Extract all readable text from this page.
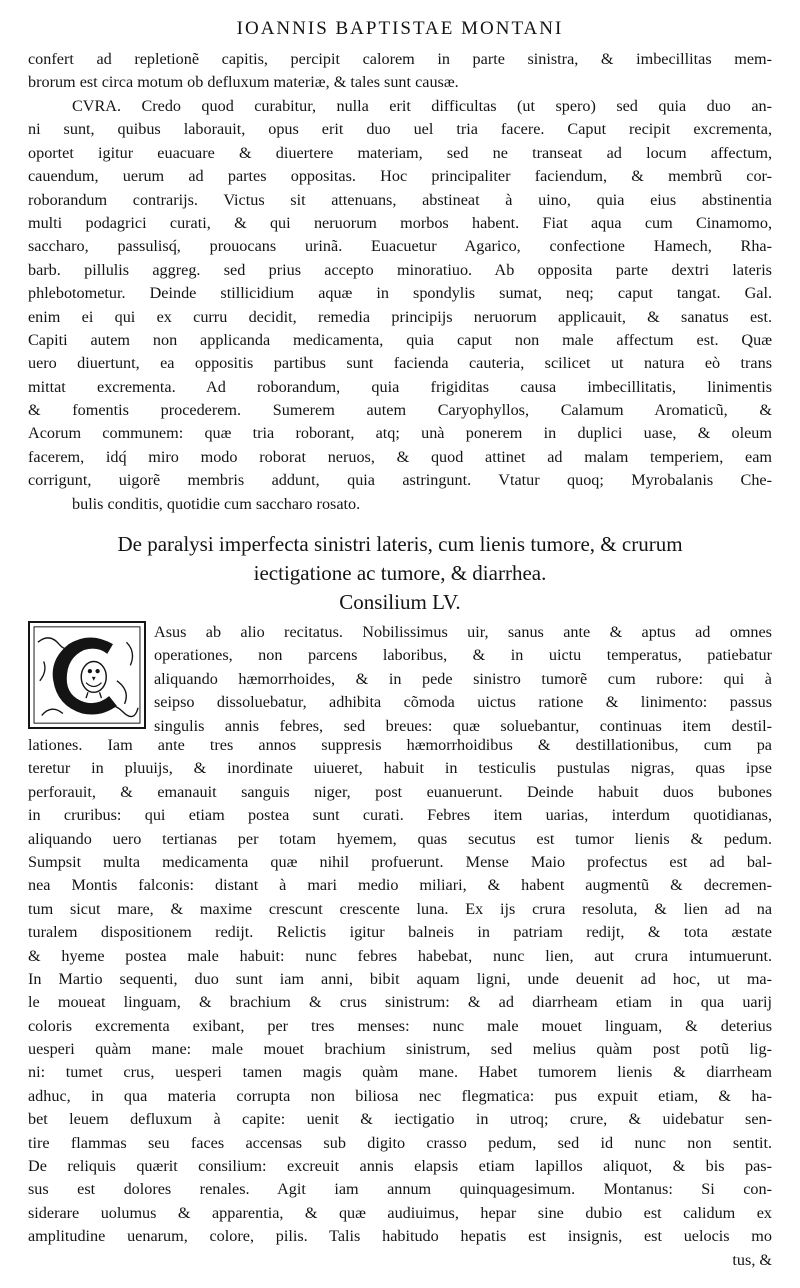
IOANNIS BAPTISTAE MONTANI
confert ad repletionẽ capitis, percipit calorem in parte sinistra, & imbecillitas mem-
brorum est circa motum ob defluxum materiæ, & tales sunt causæ.
CVRA. Credo quod curabitur, nulla erit difficultas (ut spero) sed quia duo an-
ni sunt, quibus laborauit, opus erit duo uel tria facere. Caput recipit excrementa,
oportet igitur euacuare & diuertere materiam, sed ne transeat ad locum affectum,
cauendum, uerum ad partes oppositas. Hoc principaliter faciendum, & membrũ cor-
roborandum contrarijs. Victus sit attenuans, abstineat à uino, quia eius abstinentia
multi podagrici curati, & qui neruorum morbos habent. Fiat aqua cum Cinamomo,
saccharo, passulisq́, prouocans urinã. Euacuetur Agarico, confectione Hamech, Rha-
barb. pillulis aggreg. sed prius accepto minoratiuo. Ab opposita parte dextri lateris
phlebotometur. Deinde stillicidium aquæ in spondylis sumat, neq; caput tangat. Gal.
enim ei qui ex curru decidit, remedia principijs neruorum applicauit, & sanatus est.
Capiti autem non applicanda medicamenta, quia caput non male affectum est. Quæ
uero diuertunt, ea oppositis partibus sunt facienda cauteria, scilicet ut natura eò trans
mittat excrementa. Ad roborandum, quia frigiditas causa imbecillitatis, linimentis
& fomentis procederem. Sumerem autem Caryophyllos, Calamum Aromaticũ, &
Acorum communem: quæ tria roborant, atq; unà ponerem in duplici uase, & oleum
facerem, idq́ miro modo roborat neruos, & quod attinet ad malam temperiem, eam
corrigunt, uigorẽ membris addunt, quia astringunt. Vtatur quoq; Myrobalanis Che-
bulis conditis, quotidie cum saccharo rosato.
De paralysi imperfecta sinistri lateris, cum lienis tumore, & crurum
iectigatione ac tumore, & diarrhea.
Consilium LV.
Asus ab alio recitatus. Nobilissimus uir, sanus ante & aptus ad omnes
operationes, non parcens laboribus, & in uictu temperatus, patiebatur
aliquando hæmorrhoides, & in pede sinistro tumorẽ cum rubore: qui à
seipso dissoluebatur, adhibita cõmoda uictus ratione & linimento: passus
singulis annis febres, sed breues: quæ soluebantur, continuas item destil-
lationes. Iam ante tres annos suppresis hæmorrhoidibus & destillationibus, cum pa
teretur in pluuijs, & inordinate uiueret, habuit in testiculis pustulas nigras, quas ipse
perforauit, & emanauit sanguis niger, post euanuerunt. Deinde habuit duos bubones
in cruribus: qui etiam postea sunt curati. Febres item uarias, interdum quotidianas,
aliquando uero tertianas per totam hyemem, quas secutus est tumor lienis & pedum.
Sumpsit multa medicamenta quæ nihil profuerunt. Mense Maio profectus est ad bal-
nea Montis falconis: distant à mari medio miliari, & habent augmentũ & decremen-
tum sicut mare, & maxime crescunt crescente luna. Ex ijs crura resoluta, & lien ad na
turalem dispositionem redijt. Relictis igitur balneis in patriam redijt, & tota æstate
& hyeme postea male habuit: nunc febres habebat, nunc lien, aut crura intumuerunt.
In Martio sequenti, duo sunt iam anni, bibit aquam ligni, unde deuenit ad hoc, ut ma-
le moueat linguam, & brachium & crus sinistrum: & ad diarrheam etiam in qua uarij
coloris excrementa exibant, per tres menses: nunc male mouet linguam, & deterius
uesperi quàm mane: male mouet brachium sinistrum, sed melius quàm post potũ lig-
ni: tumet crus, uesperi tamen magis quàm mane. Habet tumorem lienis & diarrheam
adhuc, in qua materia corrupta non biliosa nec flegmatica: pus expuit etiam, & ha-
bet leuem defluxum à capite: uenit & iectigatio in utroq; crure, & uidebatur sen-
tire flammas seu faces accensas sub digito crasso pedum, sed id nunc non sentit.
De reliquis quærit consilium: excreuit annis elapsis etiam lapillos aliquot, & bis pas-
sus est dolores renales. Agit iam annum quinquagesimum. Montanus: Si con-
siderare uolumus & apparentia, & quæ audiuimus, hepar sine dubio est calidum ex
amplitudine uenarum, colore, pilis. Talis habitudo hepatis est insignis, est uelocis mo
tus, &
